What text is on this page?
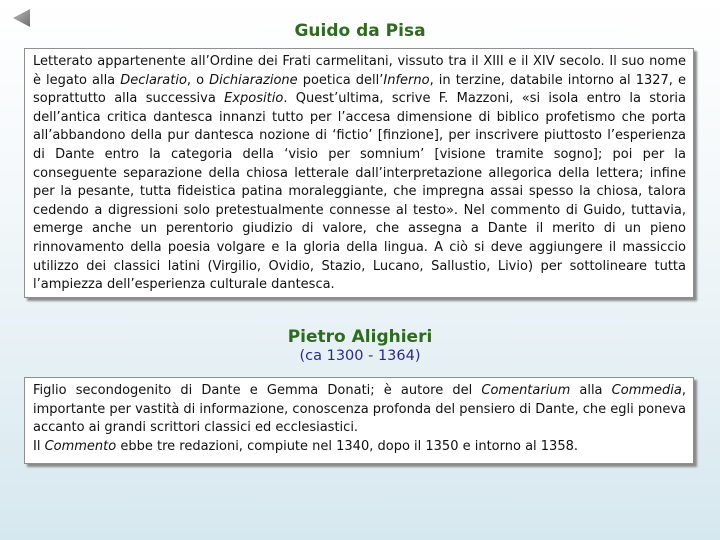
Guido da Pisa

Letterato appartenente all’Ordine dei Frati carmelitani, vissuto tra il XIII e il XIV secolo. Il suo nome è legato alla Declaratio, o Dichiarazione poetica dell’Inferno, in terzine, databile intorno al 1327, e soprattutto alla successiva Expositio. Quest’ultima, scrive F. Mazzoni, «si isola entro la storia dell’antica critica dantesca innanzi tutto per l’accesa dimensione di biblico profetismo che porta all’abbandono della pur dantesca nozione di ‘fictio’ [finzione], per inscrivere piuttosto l’esperienza di Dante entro la categoria della ‘visio per somnium’ [visione tramite sogno]; poi per la conseguente separazione della chiosa letterale dall’interpretazione allegorica della lettera; infine per la pesante, tutta fideistica patina moraleggiante, che impregna assai spesso la chiosa, talora cedendo a digressioni solo pretestualmente connesse al testo». Nel commento di Guido, tuttavia, emerge anche un perentorio giudizio di valore, che assegna a Dante il merito di un pieno rinnovamento della poesia volgare e la gloria della lingua. A ciò si deve aggiungere il massiccio utilizzo dei classici latini (Virgilio, Ovidio, Stazio, Lucano, Sallustio, Livio) per sottolineare tutta l’ampiezza dell’esperienza culturale dantesca.

Pietro Alighieri
(ca 1300 - 1364)

Figlio secondogenito di Dante e Gemma Donati; è autore del Comentarium alla Commedia, importante per vastità di informazione, conoscenza profonda del pensiero di Dante, che egli poneva accanto ai grandi scrittori classici ed ecclesiastici.

Il Commento ebbe tre redazioni, compiute nel 1340, dopo il 1350 e intorno al 1358.
